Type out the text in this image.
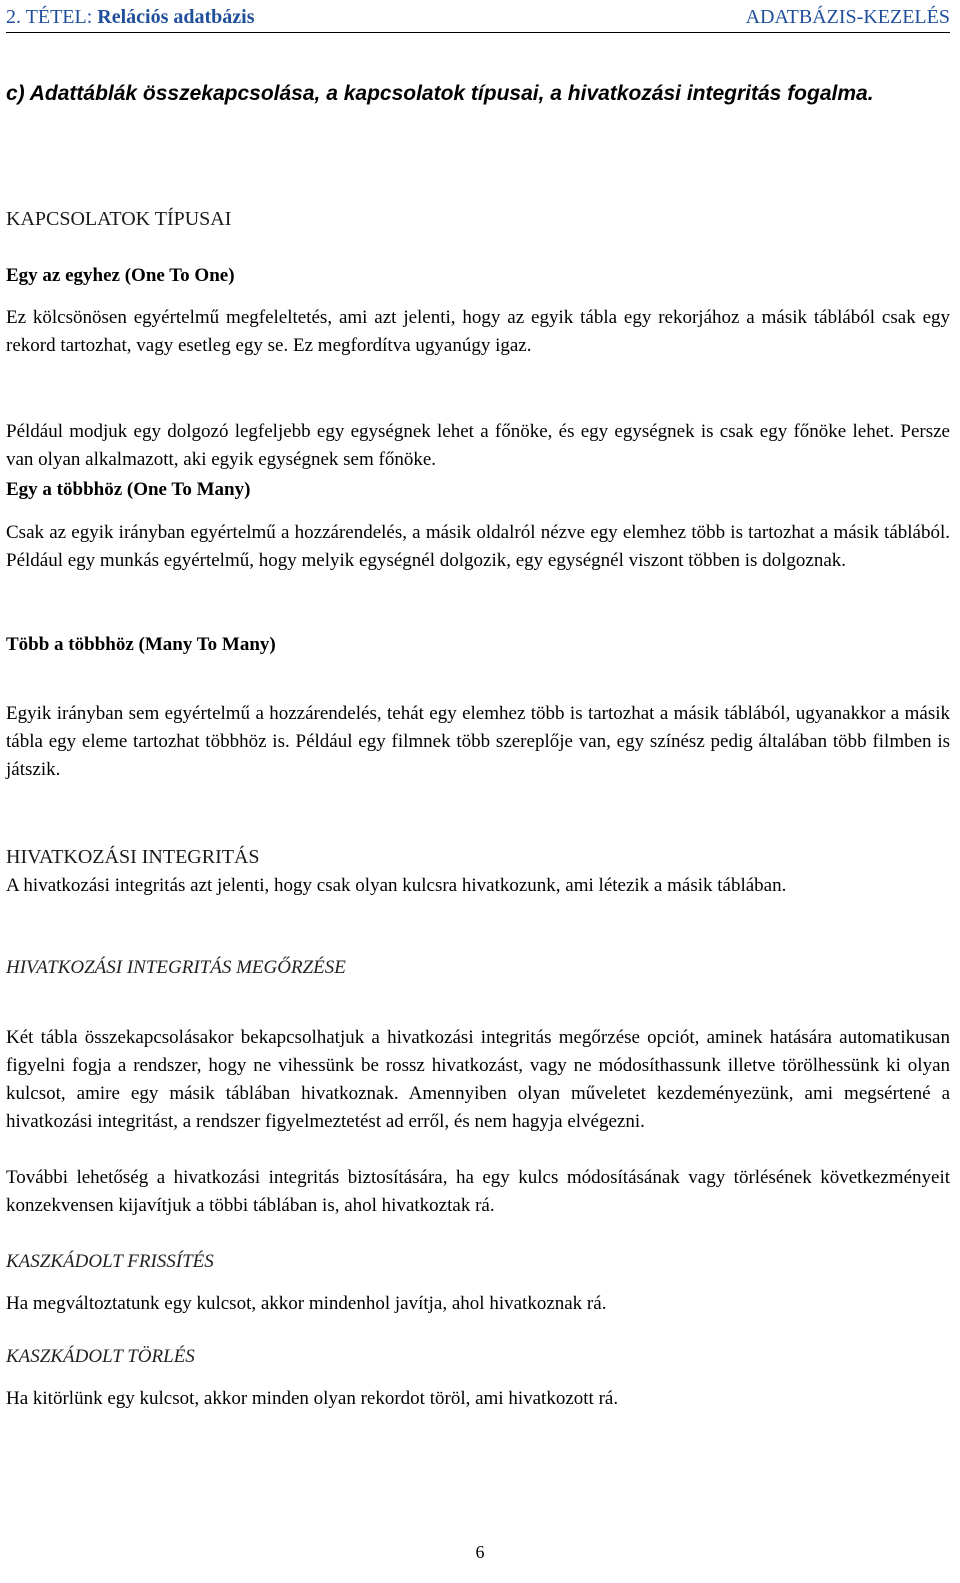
2. TÉTEL: Relációs adatbázis	ADATBÁZIS-KEZELÉS
c) Adattáblák összekapcsolása, a kapcsolatok típusai, a hivatkozási integritás fogalma.
KAPCSOLATOK TÍPUSAI
Egy az egyhez (One To One)
Ez kölcsönösen egyértelmű megfeleltetés, ami azt jelenti, hogy az egyik tábla egy rekorjához a másik táblából csak egy rekord tartozhat, vagy esetleg egy se. Ez megfordítva ugyanúgy igaz.
Például modjuk egy dolgozó legfeljebb egy egységnek lehet a főnöke, és egy egységnek is csak egy főnöke lehet. Persze van olyan alkalmazott, aki egyik egységnek sem főnöke.
Egy a többhöz (One To Many)
Csak az egyik irányban egyértelmű a hozzárendelés, a másik oldalról nézve egy elemhez több is tartozhat a másik táblából. Például egy munkás egyértelmű, hogy melyik egységnél dolgozik, egy egységnél viszont többen is dolgoznak.
Több a többhöz (Many To Many)
Egyik irányban sem egyértelmű a hozzárendelés, tehát egy elemhez több is tartozhat a másik táblából, ugyanakkor a másik tábla egy eleme tartozhat többhöz is. Például egy filmnek több szereplője van, egy színész pedig általában több filmben is játszik.
HIVATKOZÁSI INTEGRITÁS
A hivatkozási integritás azt jelenti, hogy csak olyan kulcsra hivatkozunk, ami létezik a másik táblában.
HIVATKOZÁSI INTEGRITÁS MEGŐRZÉSE
Két tábla összekapcsolásakor bekapcsolhatjuk a hivatkozási integritás megőrzése opciót, aminek hatására automatikusan figyelni fogja a rendszer, hogy ne vihessünk be rossz hivatkozást, vagy ne módosíthassunk illetve törölhessünk ki olyan kulcsot, amire egy másik táblában hivatkoznak. Amennyiben olyan műveletet kezdeményezünk, ami megsértené a hivatkozási integritást, a rendszer figyelmeztetést ad erről, és nem hagyja elvégezni.
További lehetőség a hivatkozási integritás biztosítására, ha egy kulcs módosításának vagy törlésének következményeit konzekvensen kijavítjuk a többi táblában is, ahol hivatkoztak rá.
KASZKÁDOLT FRISSÍTÉS
Ha megváltoztatunk egy kulcsot, akkor mindenhol javítja, ahol hivatkoznak rá.
KASZKÁDOLT TÖRLÉS
Ha kitörlünk egy kulcsot, akkor minden olyan rekordot töröl, ami hivatkozott rá.
6
